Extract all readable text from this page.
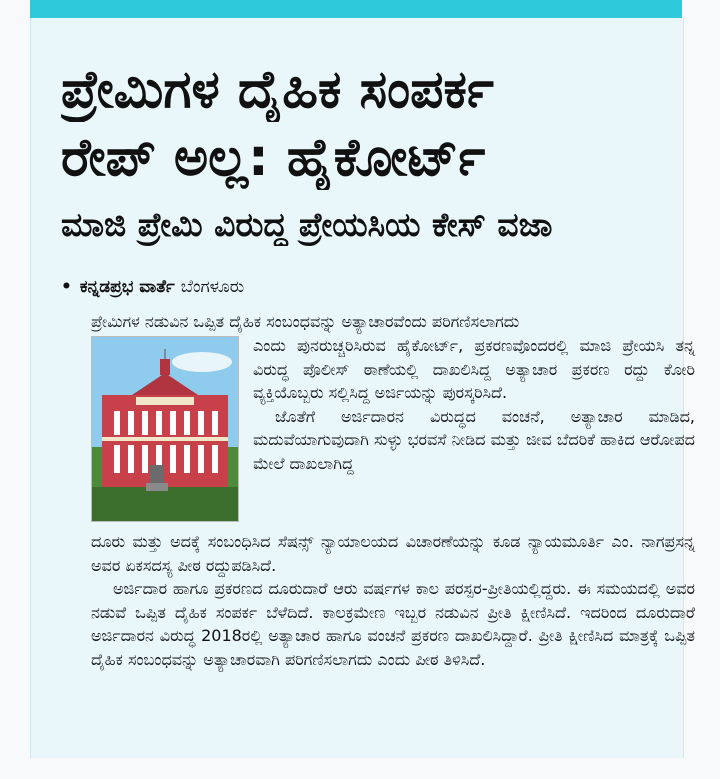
ಪ್ರೇಮಿಗಳ ದೈಹಿಕ ಸಂಪರ್ಕ
ರೇಪ್ ಅಲ್ಲ: ಹೈಕೋರ್ಟ್
ಮಾಜಿ ಪ್ರೇಮಿ ವಿರುದ್ಧ ಪ್ರೇಯಸಿಯ ಕೇಸ್ ವಜಾ
• ಕನ್ನಡಪ್ರಭ ವಾರ್ತೆ ಬೆಂಗಳೂರು

ಪ್ರೇಮಿಗಳ ನಡುವಿನ ಒಪ್ಪಿತ ದೈಹಿಕ ಸಂಬಂಧವನ್ನು ಅತ್ಯಾಚಾರವೆಂದು ಪರಿಗಣಿಸಲಾಗದು

ಎಂದು ಪುನರುಚ್ಚರಿಸಿರುವ ಹೈಕೋರ್ಟ್, ಪ್ರಕರಣವೊಂದರಲ್ಲಿ ಮಾಜಿ ಪ್ರೇಯಸಿ ತನ್ನ ವಿರುದ್ಧ ಪೊಲೀಸ್ ಠಾಣೆಯಲ್ಲಿ ದಾಖಲಿಸಿದ್ದ ಅತ್ಯಾಚಾರ ಪ್ರಕರಣ ರದ್ದು ಕೋರಿ ವ್ಯಕ್ತಿಯೊಬ್ಬರು ಸಲ್ಲಿಸಿದ್ದ ಅರ್ಜಿಯನ್ನು ಪುರಸ್ಕರಿಸಿದೆ.

ಜೊತೆಗೆ ಅರ್ಜಿದಾರನ ವಿರುದ್ಧದ ವಂಚನೆ, ಅತ್ಯಾಚಾರ ಮಾಡಿದ, ಮದುವೆಯಾಗುವುದಾಗಿ ಸುಳ್ಳು ಭರವಸೆ ನೀಡಿದ ಮತ್ತು ಜೀವ ಬೆದರಿಕೆ ಹಾಕಿದ ಆರೋಪದ ಮೇಲೆ ದಾಖಲಾಗಿದ್ದ

ದೂರು ಮತ್ತು ಅದಕ್ಕೆ ಸಂಬಂಧಿಸಿದ ಸೆಷನ್ಸ್ ನ್ಯಾಯಾಲಯದ ವಿಚಾರಣೆಯನ್ನು ಕೂಡ ನ್ಯಾಯಮೂರ್ತಿ ಎಂ. ನಾಗಪ್ರಸನ್ನ ಅವರ ಏಕಸದಸ್ಯ ಪೀಠ ರದ್ದುಪಡಿಸಿದೆ.

ಅರ್ಜಿದಾರ ಹಾಗೂ ಪ್ರಕರಣದ ದೂರುದಾರೆ ಆರು ವರ್ಷಗಳ ಕಾಲ ಪರಸ್ಪರ-ಪ್ರೀತಿಯಲ್ಲಿದ್ದರು. ಈ ಸಮಯದಲ್ಲಿ ಅವರ ನಡುವೆ ಒಪ್ಪಿತ ದೈಹಿಕ ಸಂಪರ್ಕ ಬೆಳೆದಿದೆ. ಕಾಲಕ್ರಮೇಣ ಇಬ್ಬರ ನಡುವಿನ ಪ್ರೀತಿ ಕ್ಷೀಣಿಸಿದೆ. ಇದರಿಂದ ದೂರುದಾರೆ ಅರ್ಜಿದಾರನ ವಿರುದ್ಧ 2018ರಲ್ಲಿ ಅತ್ಯಾಚಾರ ಹಾಗೂ ವಂಚನೆ ಪ್ರಕರಣ ದಾಖಲಿಸಿದ್ದಾರೆ. ಪ್ರೀತಿ ಕ್ಷೀಣಿಸಿದ ಮಾತ್ರಕ್ಕೆ ಒಪ್ಪಿತ ದೈಹಿಕ ಸಂಬಂಧವನ್ನು ಅತ್ಯಾಚಾರವಾಗಿ ಪರಿಗಣಿಸಲಾಗದು ಎಂದು ಪೀಠ ತಿಳಿಸಿದೆ.
